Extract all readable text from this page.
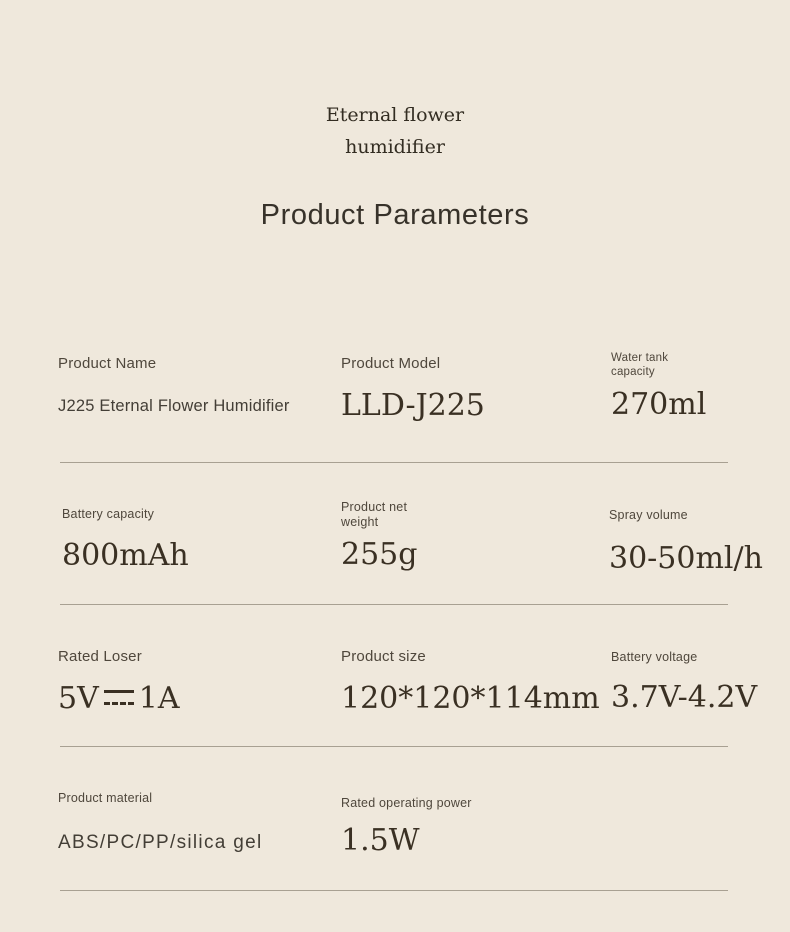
Eternal flower
humidifier
Product Parameters
Product Name
J225 Eternal Flower Humidifier
Product Model
LLD-J225
Water tank capacity
270ml
Battery capacity
800mAh
Product net weight
255g
Spray volume
30-50ml/h
Rated Loser
5V 1A
Product size
120*120*114mm
Battery voltage
3.7V-4.2V
Product material
ABS/PC/PP/silica gel
Rated operating power
1.5W
